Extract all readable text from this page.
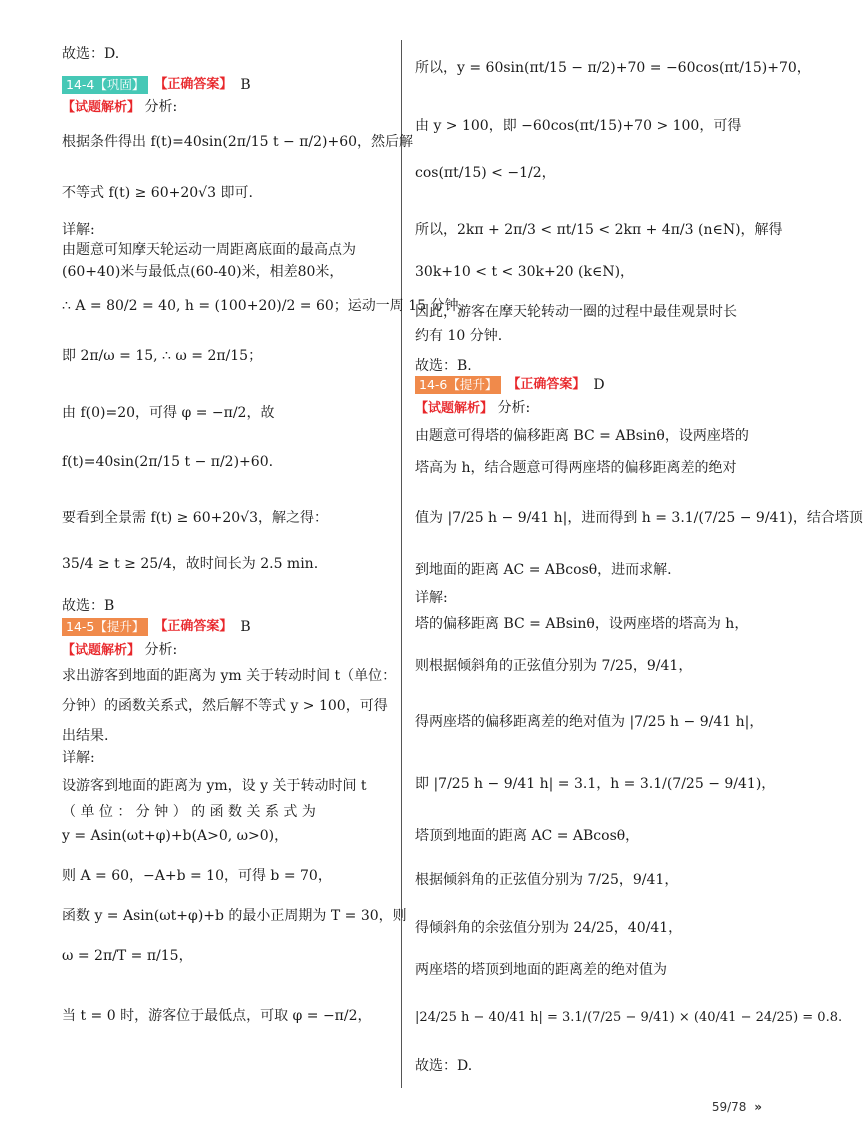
故选：D.
14-4【巩固】 【正确答案】 B
【试题解析】 分析:
根据条件得出 f(t)=40sin(2π/15 t − π/2)+60，然后解
不等式 f(t) ≥ 60+20√3 即可.
详解:
由题意可知摩天轮运动一周距离底面的最高点为
(60+40)米与最低点(60-40)米，相差80米，
∴ A = 80/2 = 40, h = (100+20)/2 = 60；运动一周 15 分钟，
即 2π/ω = 15, ∴ ω = 2π/15；
由 f(0)=20，可得 φ = −π/2，故
f(t)=40sin(2π/15 t − π/2)+60.
要看到全景需 f(t) ≥ 60+20√3，解之得：
35/4 ≥ t ≥ 25/4，故时间长为 2.5 min.
故选：B
14-5【提升】 【正确答案】 B
【试题解析】 分析:
求出游客到地面的距离为 ym 关于转动时间 t（单位：
分钟）的函数关系式，然后解不等式 y > 100，可得
出结果.
详解:
设游客到地面的距离为 ym，设 y 关于转动时间 t
（ 单 位 ： 分 钟 ） 的 函 数 关 系 式 为
y = Asin(ωt+φ)+b(A>0, ω>0)，
则 A = 60，−A+b = 10，可得 b = 70，
函数 y = Asin(ωt+φ)+b 的最小正周期为 T = 30，则
ω = 2π/T = π/15，
当 t = 0 时，游客位于最低点，可取 φ = −π/2，
所以，y = 60sin(πt/15 − π/2)+70 = −60cos(πt/15)+70，
由 y > 100，即 −60cos(πt/15)+70 > 100，可得
cos(πt/15) < −1/2，
所以，2kπ + 2π/3 < πt/15 < 2kπ + 4π/3 (n∈N)，解得
30k+10 < t < 30k+20 (k∈N)，
因此，游客在摩天轮转动一圈的过程中最佳观景时长
约有 10 分钟.
故选：B.
14-6【提升】 【正确答案】 D
【试题解析】 分析:
由题意可得塔的偏移距离 BC = ABsinθ，设两座塔的
塔高为 h，结合题意可得两座塔的偏移距离差的绝对
值为 |7/25 h − 9/41 h|，进而得到 h = 3.1/(7/25 − 9/41)，结合塔顶
到地面的距离 AC = ABcosθ，进而求解.
详解:
塔的偏移距离 BC = ABsinθ，设两座塔的塔高为 h，
则根据倾斜角的正弦值分别为 7/25，9/41，
得两座塔的偏移距离差的绝对值为 |7/25 h − 9/41 h|，
即 |7/25 h − 9/41 h| = 3.1，h = 3.1/(7/25 − 9/41)，
塔顶到地面的距离 AC = ABcosθ，
根据倾斜角的正弦值分别为 7/25，9/41，
得倾斜角的余弦值分别为 24/25，40/41，
两座塔的塔顶到地面的距离差的绝对值为
|24/25 h − 40/41 h| = 3.1/(7/25 − 9/41) × (40/41 − 24/25) = 0.8.
故选：D.
59/78 »
